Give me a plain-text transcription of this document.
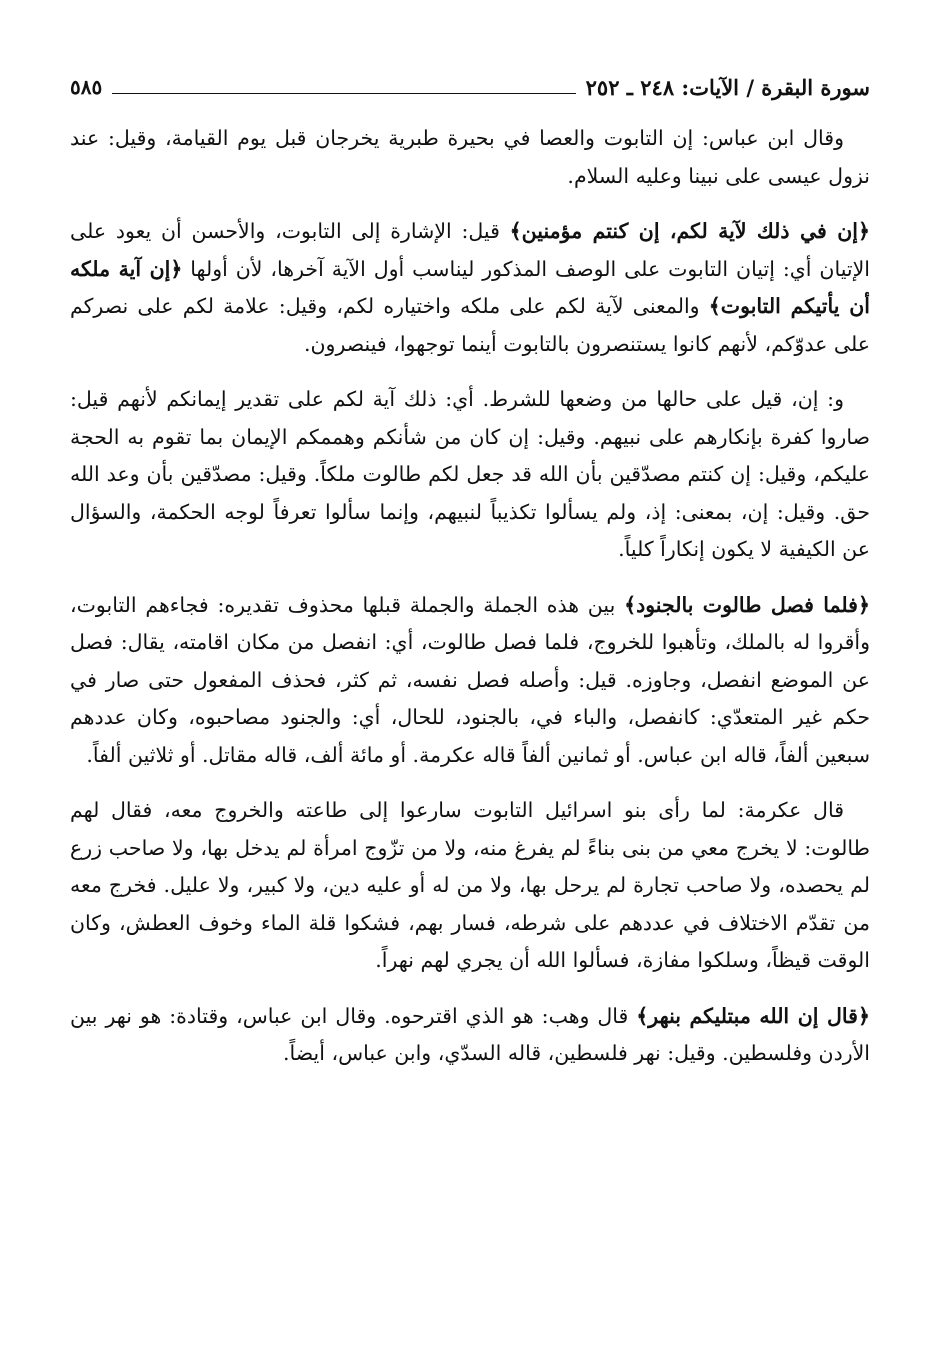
سورة البقرة / الآيات: ٢٤٨ ـ ٢٥٢
٥٨٥

وقال ابن عباس: إن التابوت والعصا في بحيرة طبرية يخرجان قبل يوم القيامة، وقيل: عند نزول عيسى على نبينا وعليه السلام.

﴿إن في ذلك لآية لكم، إن كنتم مؤمنين﴾ قيل: الإشارة إلى التابوت، والأحسن أن يعود على الإتيان أي: إتيان التابوت على الوصف المذكور ليناسب أول الآية آخرها، لأن أولها ﴿إن آية ملكه أن يأتيكم التابوت﴾ والمعنى لآية لكم على ملكه واختياره لكم، وقيل: علامة لكم على نصركم على عدوّكم، لأنهم كانوا يستنصرون بالتابوت أينما توجهوا، فينصرون.

و: إن، قيل على حالها من وضعها للشرط. أي: ذلك آية لكم على تقدير إيمانكم لأنهم قيل: صاروا كفرة بإنكارهم على نبيهم. وقيل: إن كان من شأنكم وهممكم الإيمان بما تقوم به الحجة عليكم، وقيل: إن كنتم مصدّقين بأن الله قد جعل لكم طالوت ملكاً. وقيل: مصدّقين بأن وعد الله حق. وقيل: إن، بمعنى: إذ، ولم يسألوا تكذيباً لنبيهم، وإنما سألوا تعرفاً لوجه الحكمة، والسؤال عن الكيفية لا يكون إنكاراً كلياً.

﴿فلما فصل طالوت بالجنود﴾ بين هذه الجملة والجملة قبلها محذوف تقديره: فجاءهم التابوت، وأقروا له بالملك، وتأهبوا للخروج، فلما فصل طالوت، أي: انفصل من مكان اقامته، يقال: فصل عن الموضع انفصل، وجاوزه. قيل: وأصله فصل نفسه، ثم كثر، فحذف المفعول حتى صار في حكم غير المتعدّي: كانفصل، والباء في، بالجنود، للحال، أي: والجنود مصاحبوه، وكان عددهم سبعين ألفاً، قاله ابن عباس. أو ثمانين ألفاً قاله عكرمة. أو مائة ألف، قاله مقاتل. أو ثلاثين ألفاً.

قال عكرمة: لما رأى بنو اسرائيل التابوت سارعوا إلى طاعته والخروج معه، فقال لهم طالوت: لا يخرج معي من بنى بناءً لم يفرغ منه، ولا من تزّوج امرأة لم يدخل بها، ولا صاحب زرع لم يحصده، ولا صاحب تجارة لم يرحل بها، ولا من له أو عليه دين، ولا كبير، ولا عليل. فخرج معه من تقدّم الاختلاف في عددهم على شرطه، فسار بهم، فشكوا قلة الماء وخوف العطش، وكان الوقت قيظاً، وسلكوا مفازة، فسألوا الله أن يجري لهم نهراً.

﴿قال إن الله مبتليكم بنهر﴾ قال وهب: هو الذي اقترحوه. وقال ابن عباس، وقتادة: هو نهر بين الأردن وفلسطين. وقيل: نهر فلسطين، قاله السدّي، وابن عباس، أيضاً.
